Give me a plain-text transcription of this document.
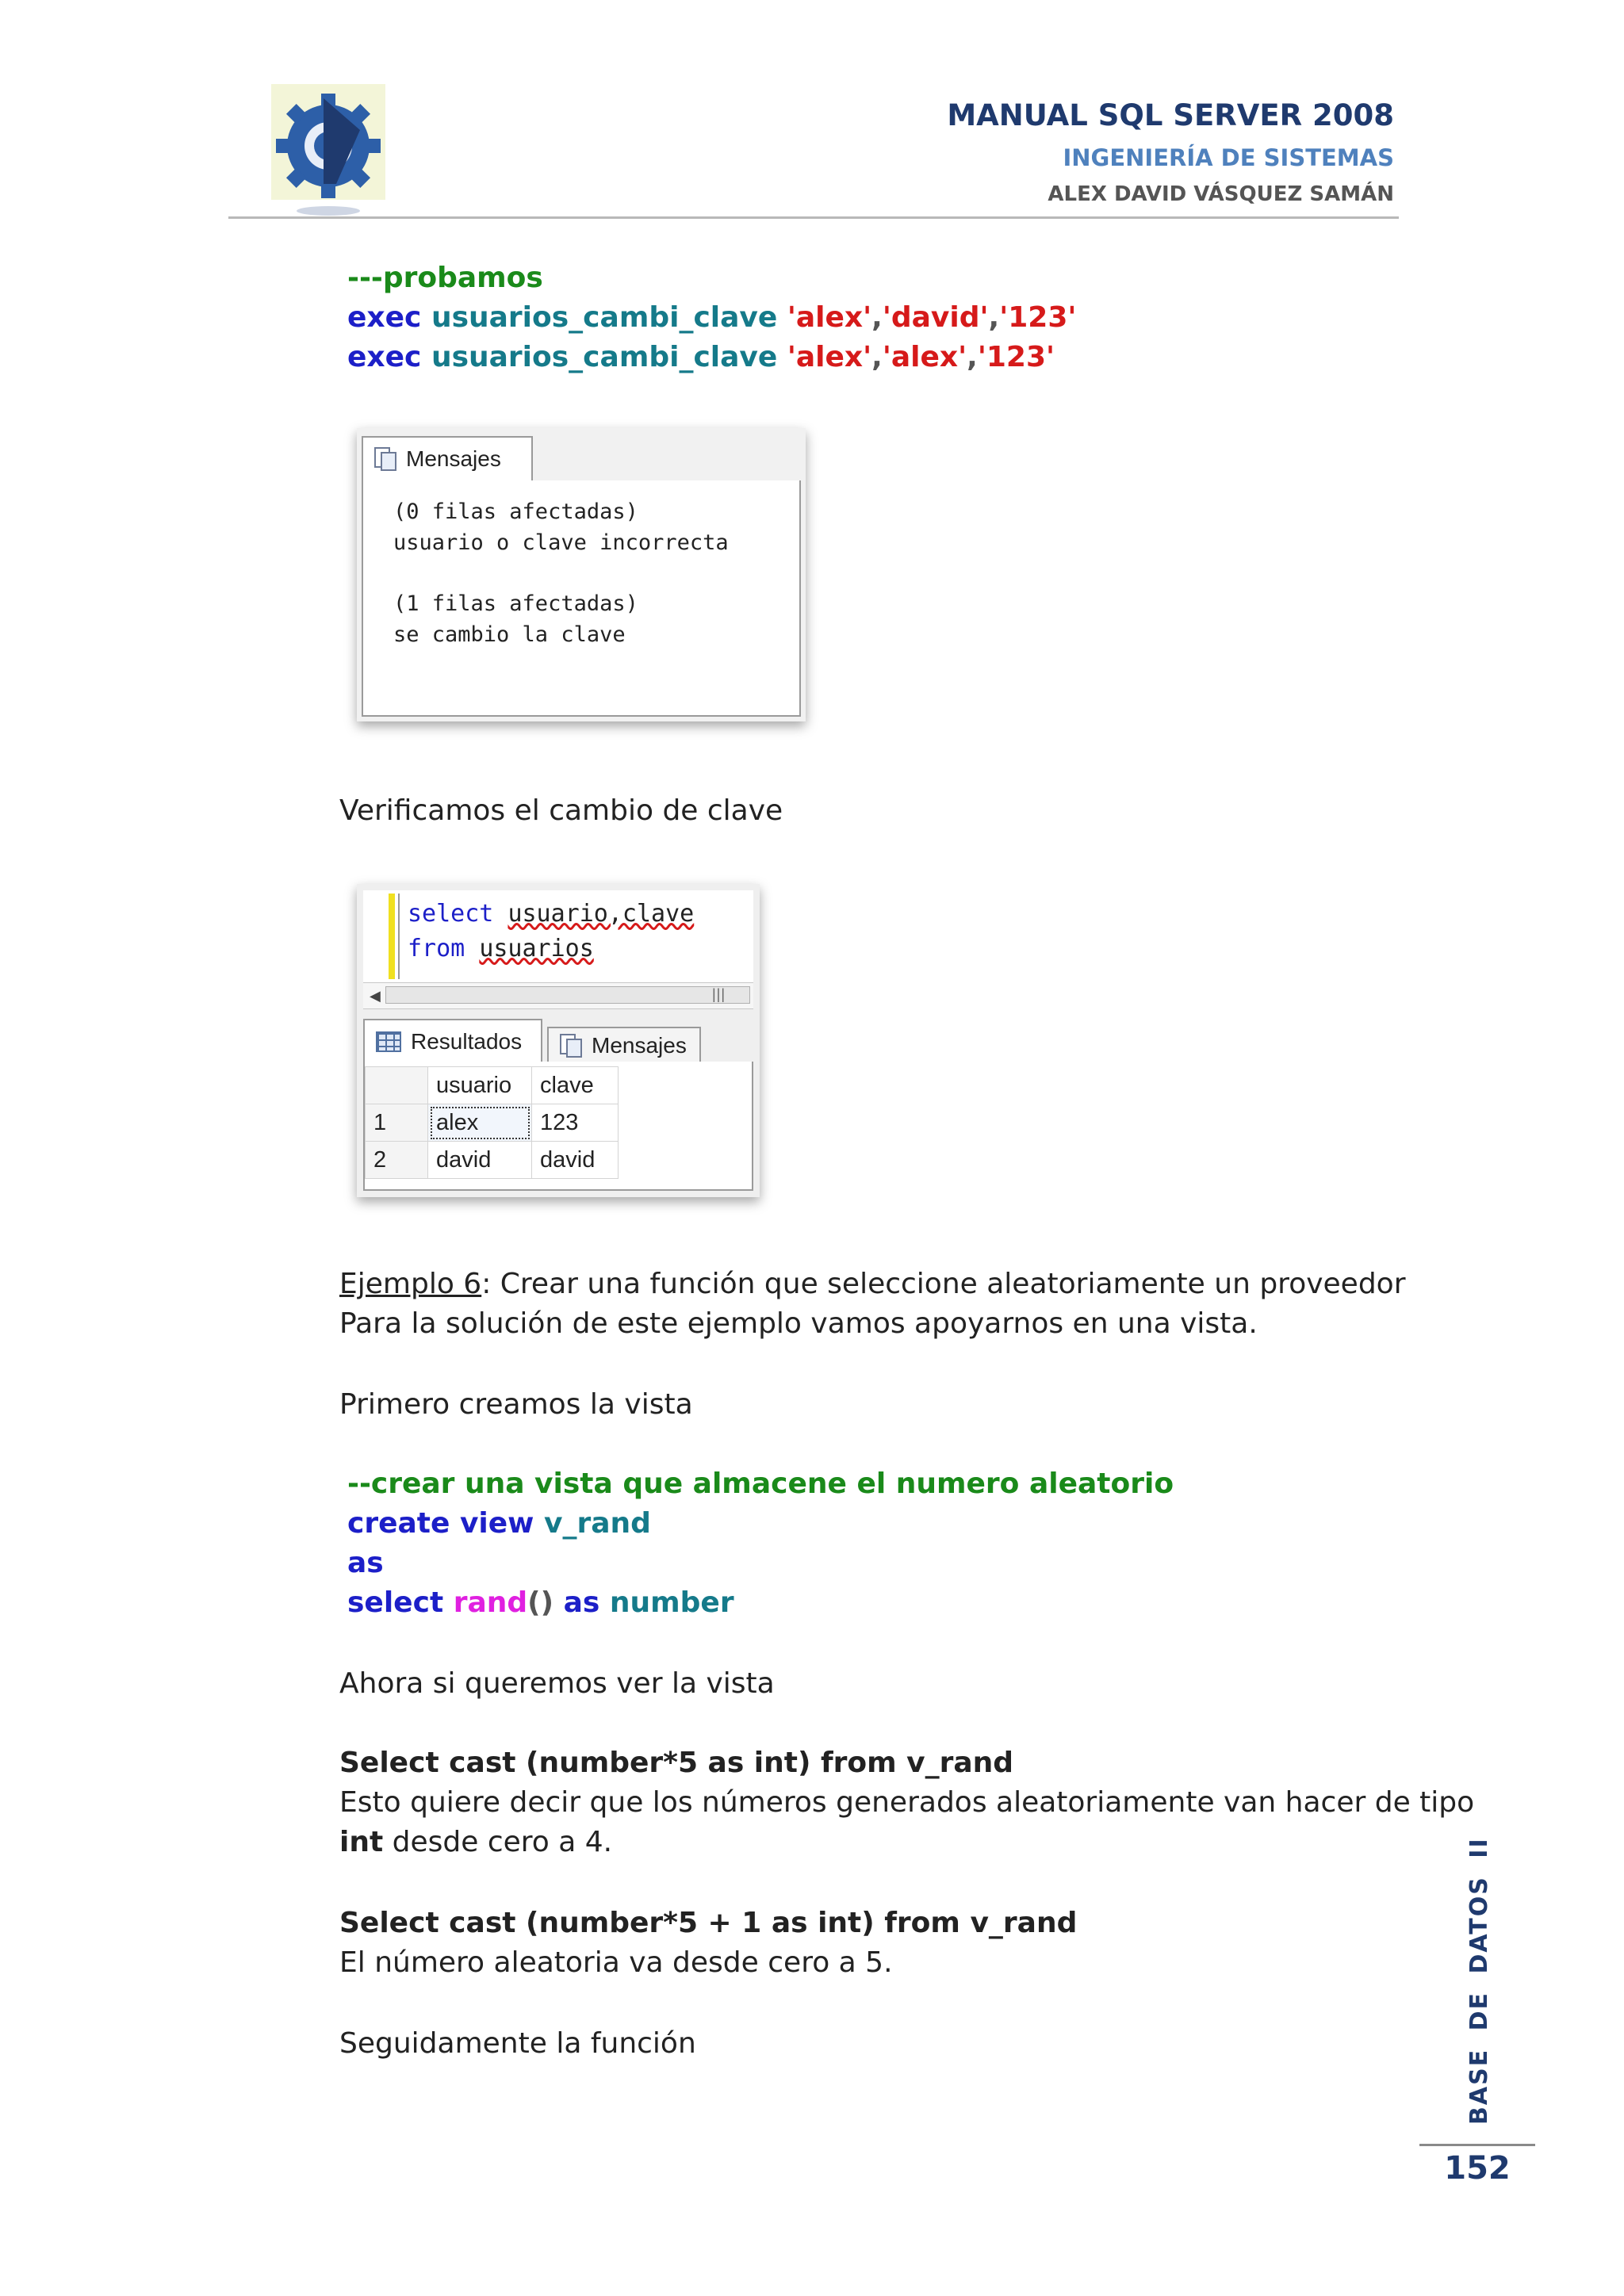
MANUAL SQL SERVER 2008
INGENIERÍA DE SISTEMAS
ALEX DAVID VÁSQUEZ SAMÁN
---probamos
exec usuarios_cambi_clave 'alex','david','123'
exec usuarios_cambi_clave 'alex','alex','123'
Mensajes
(0 filas afectadas)
usuario o clave incorrecta
(1 filas afectadas)
se cambio la clave
Verificamos el cambio de clave
select usuario,clave
from usuarios
◀	|||
Resultados	Mensajes
	usuario	clave
1	alex	123
2	david	david
Ejemplo 6: Crear una función que seleccione aleatoriamente un proveedor
Para la solución de este ejemplo vamos apoyarnos en una vista.
Primero creamos la vista
--crear una vista que almacene el numero aleatorio
create view v_rand
as
select rand() as number
Ahora si queremos ver la vista
Select cast (number*5 as int) from v_rand
Esto quiere decir que los números generados aleatoriamente van hacer de tipo
int desde cero a 4.
Select cast (number*5 + 1 as int) from v_rand
El número aleatoria va desde cero a 5.
Seguidamente la función	BASE DE DATOS II
152
